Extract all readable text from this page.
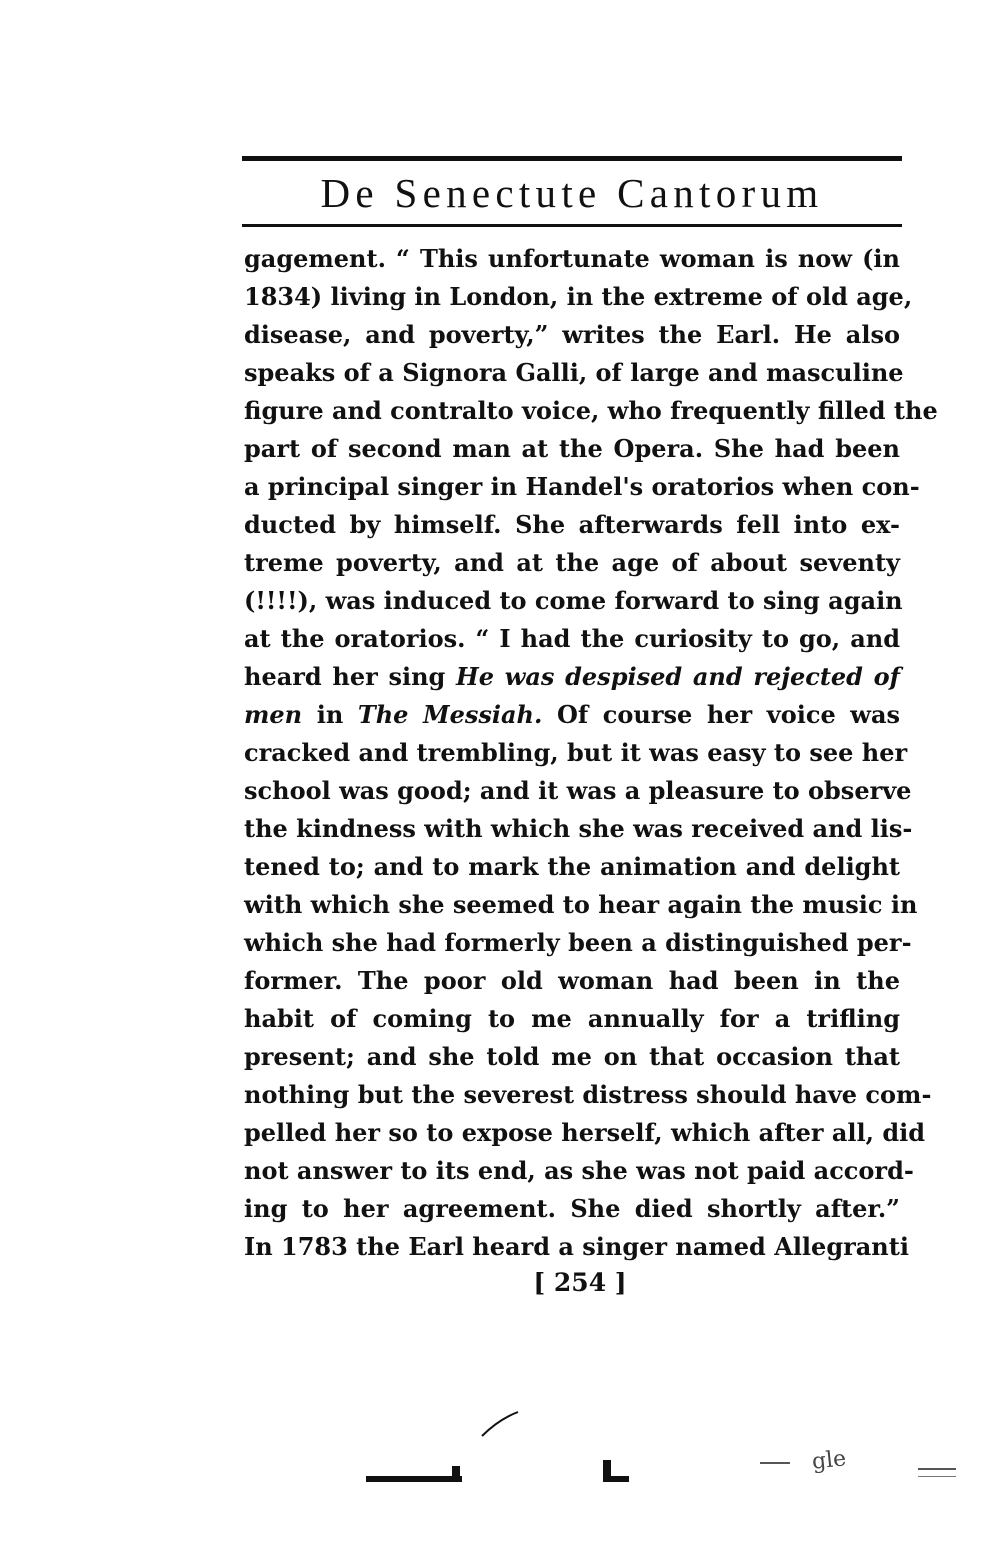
De Senectute Cantorum
gagement. “ This unfortunate woman is now (in
1834) living in London, in the extreme of old age,
disease, and poverty,” writes the Earl. He also
speaks of a Signora Galli, of large and masculine
figure and contralto voice, who frequently filled the
part of second man at the Opera. She had been
a principal singer in Handel's oratorios when con-
ducted by himself. She afterwards fell into ex-
treme poverty, and at the age of about seventy
(!!!!), was induced to come forward to sing again
at the oratorios. “ I had the curiosity to go, and
heard her sing He was despised and rejected of
men in The Messiah. Of course her voice was
cracked and trembling, but it was easy to see her
school was good; and it was a pleasure to observe
the kindness with which she was received and lis-
tened to; and to mark the animation and delight
with which she seemed to hear again the music in
which she had formerly been a distinguished per-
former. The poor old woman had been in the
habit of coming to me annually for a trifling
present; and she told me on that occasion that
nothing but the severest distress should have com-
pelled her so to expose herself, which after all, did
not answer to its end, as she was not paid accord-
ing to her agreement. She died shortly after.”
In 1783 the Earl heard a singer named Allegranti
[ 254 ]
gle
